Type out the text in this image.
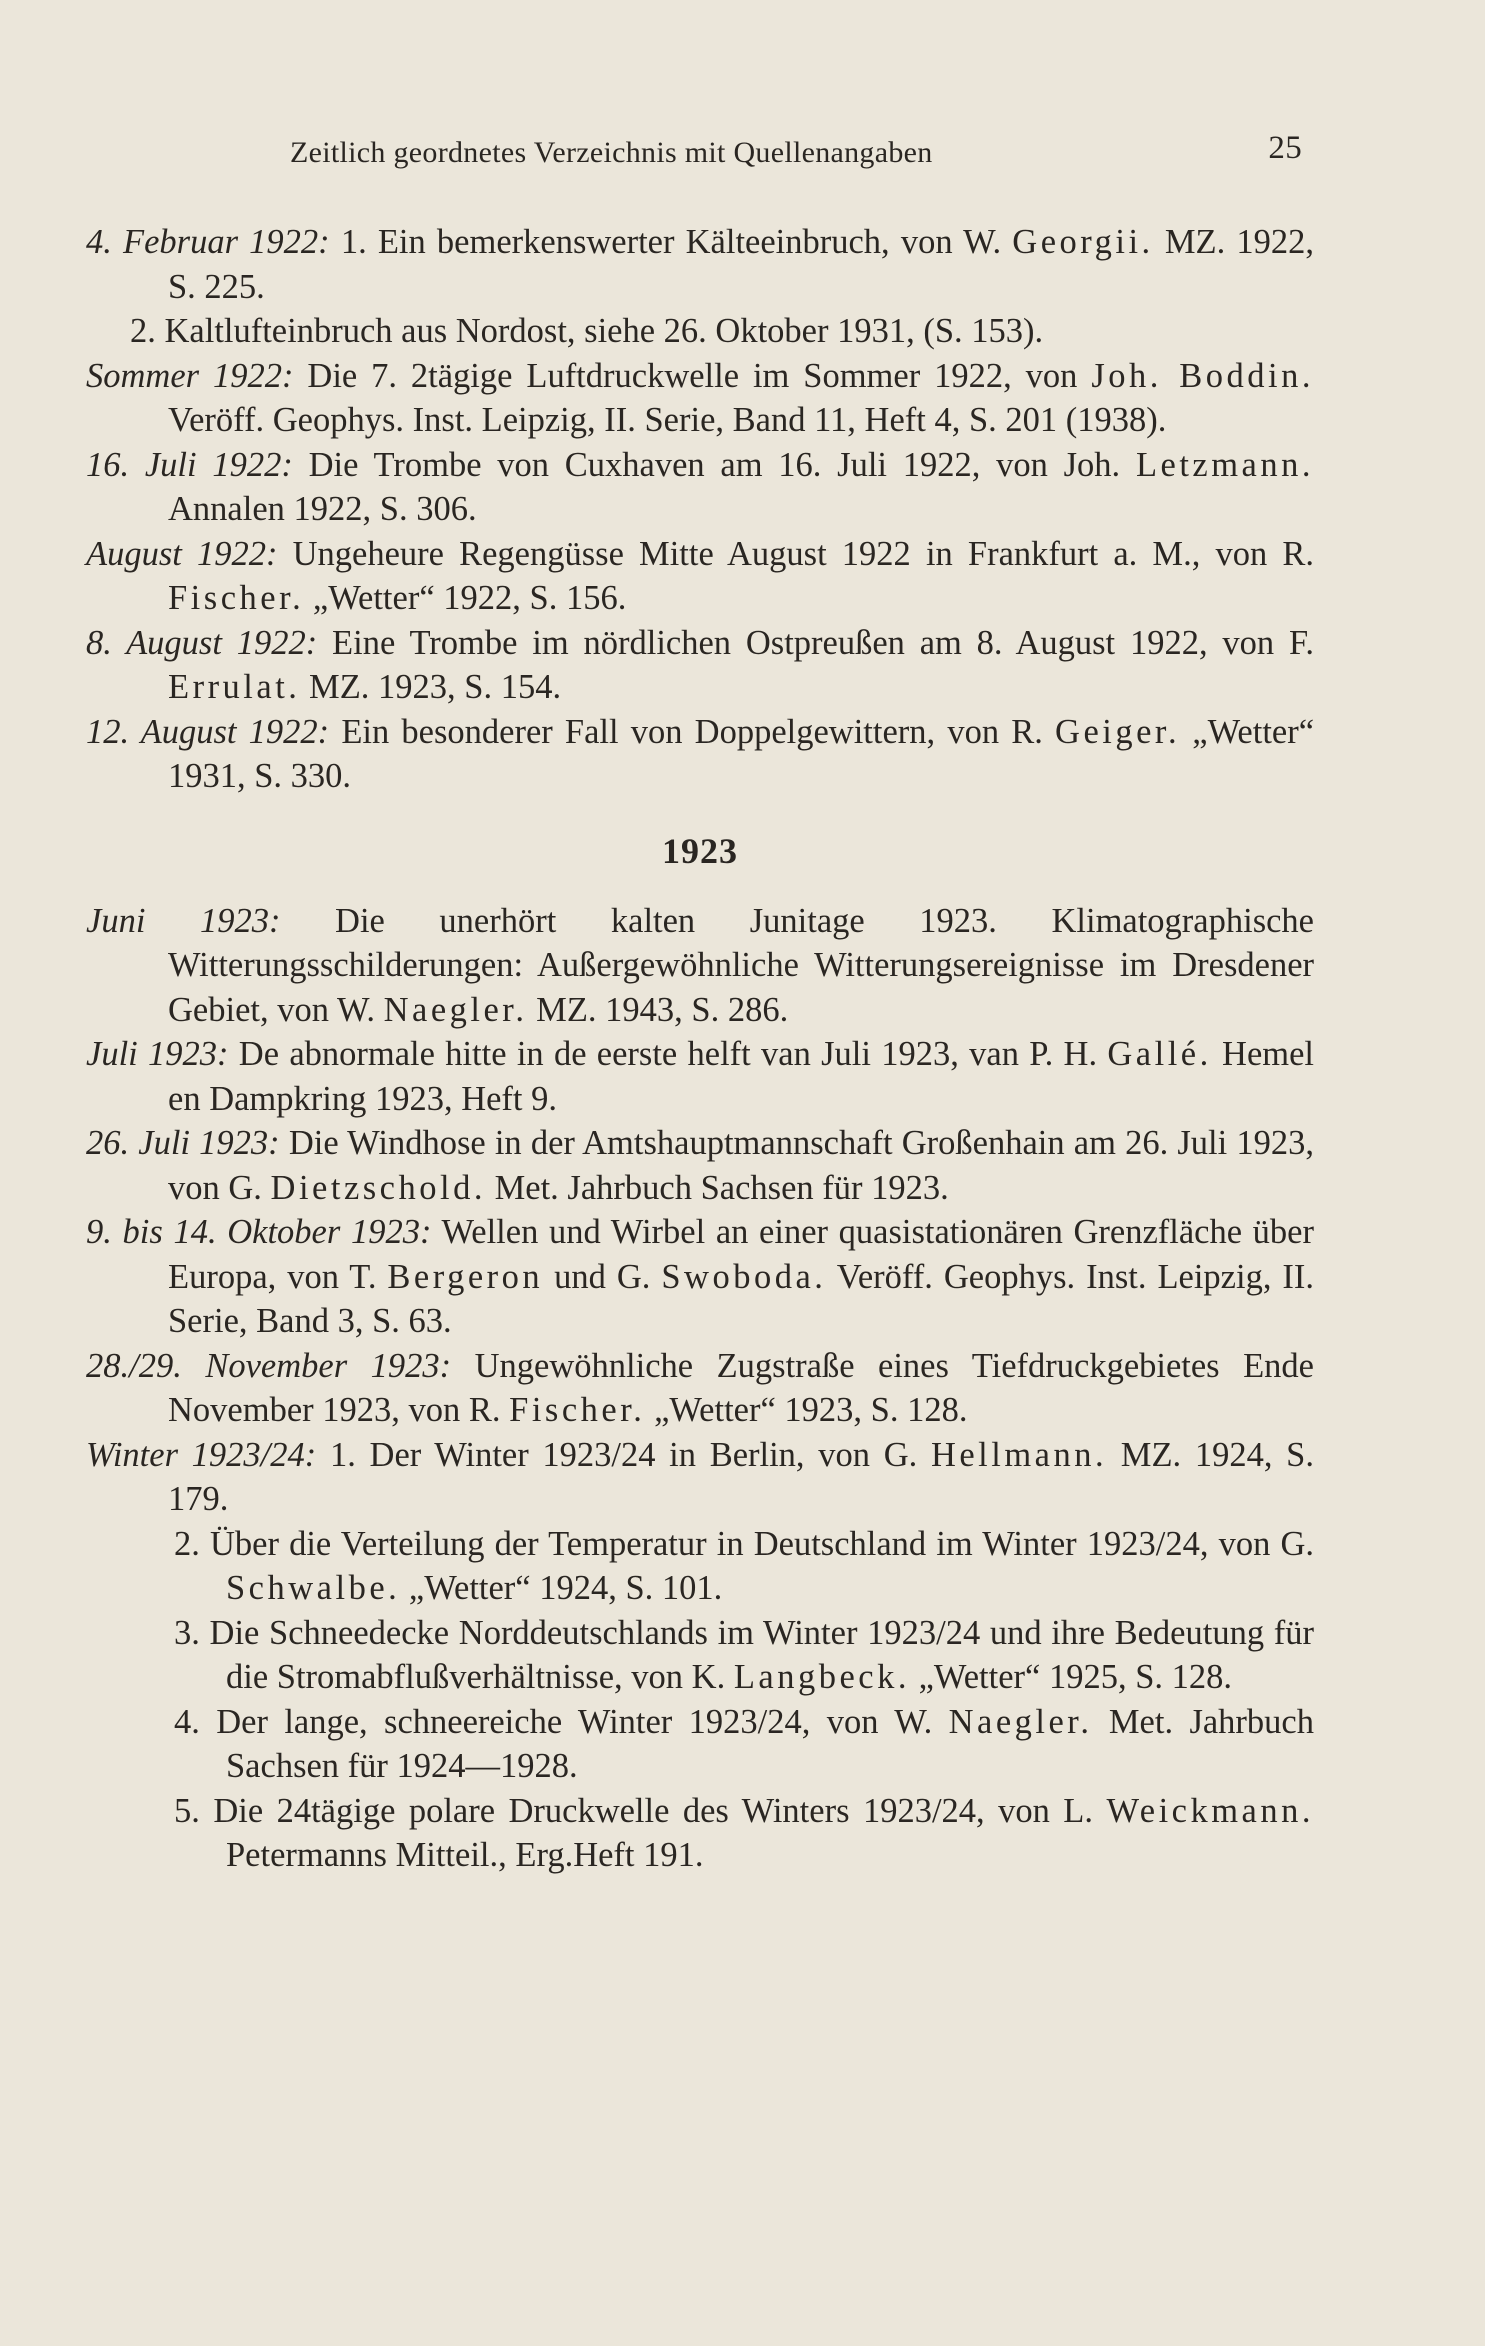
Zeitlich geordnetes Verzeichnis mit Quellenangaben	25
4. Februar 1922: 1. Ein bemerkenswerter Kälteeinbruch, von W. Georgii. MZ. 1922, S. 225.
2. Kaltlufteinbruch aus Nordost, siehe 26. Oktober 1931, (S. 153).
Sommer 1922: Die 7. 2tägige Luftdruckwelle im Sommer 1922, von Joh. Boddin. Veröff. Geophys. Inst. Leipzig, II. Serie, Band 11, Heft 4, S. 201 (1938).
16. Juli 1922: Die Trombe von Cuxhaven am 16. Juli 1922, von Joh. Letzmann. Annalen 1922, S. 306.
August 1922: Ungeheure Regengüsse Mitte August 1922 in Frankfurt a. M., von R. Fischer. „Wetter“ 1922, S. 156.
8. August 1922: Eine Trombe im nördlichen Ostpreußen am 8. August 1922, von F. Errulat. MZ. 1923, S. 154.
12. August 1922: Ein besonderer Fall von Doppelgewittern, von R. Geiger. „Wetter“ 1931, S. 330.
1923
Juni 1923: Die unerhört kalten Junitage 1923. Klimatographische Witterungsschilderungen: Außergewöhnliche Witterungsereignisse im Dresdener Gebiet, von W. Naegler. MZ. 1943, S. 286.
Juli 1923: De abnormale hitte in de eerste helft van Juli 1923, van P. H. Gallé. Hemel en Dampkring 1923, Heft 9.
26. Juli 1923: Die Windhose in der Amtshauptmannschaft Großenhain am 26. Juli 1923, von G. Dietzschold. Met. Jahrbuch Sachsen für 1923.
9. bis 14. Oktober 1923: Wellen und Wirbel an einer quasistationären Grenzfläche über Europa, von T. Bergeron und G. Swoboda. Veröff. Geophys. Inst. Leipzig, II. Serie, Band 3, S. 63.
28./29. November 1923: Ungewöhnliche Zugstraße eines Tiefdruckgebietes Ende November 1923, von R. Fischer. „Wetter“ 1923, S. 128.
Winter 1923/24: 1. Der Winter 1923/24 in Berlin, von G. Hellmann. MZ. 1924, S. 179.
2. Über die Verteilung der Temperatur in Deutschland im Winter 1923/24, von G. Schwalbe. „Wetter“ 1924, S. 101.
3. Die Schneedecke Norddeutschlands im Winter 1923/24 und ihre Bedeutung für die Stromabflußverhältnisse, von K. Langbeck. „Wetter“ 1925, S. 128.
4. Der lange, schneereiche Winter 1923/24, von W. Naegler. Met. Jahrbuch Sachsen für 1924—1928.
5. Die 24tägige polare Druckwelle des Winters 1923/24, von L. Weickmann. Petermanns Mitteil., Erg.Heft 191.
